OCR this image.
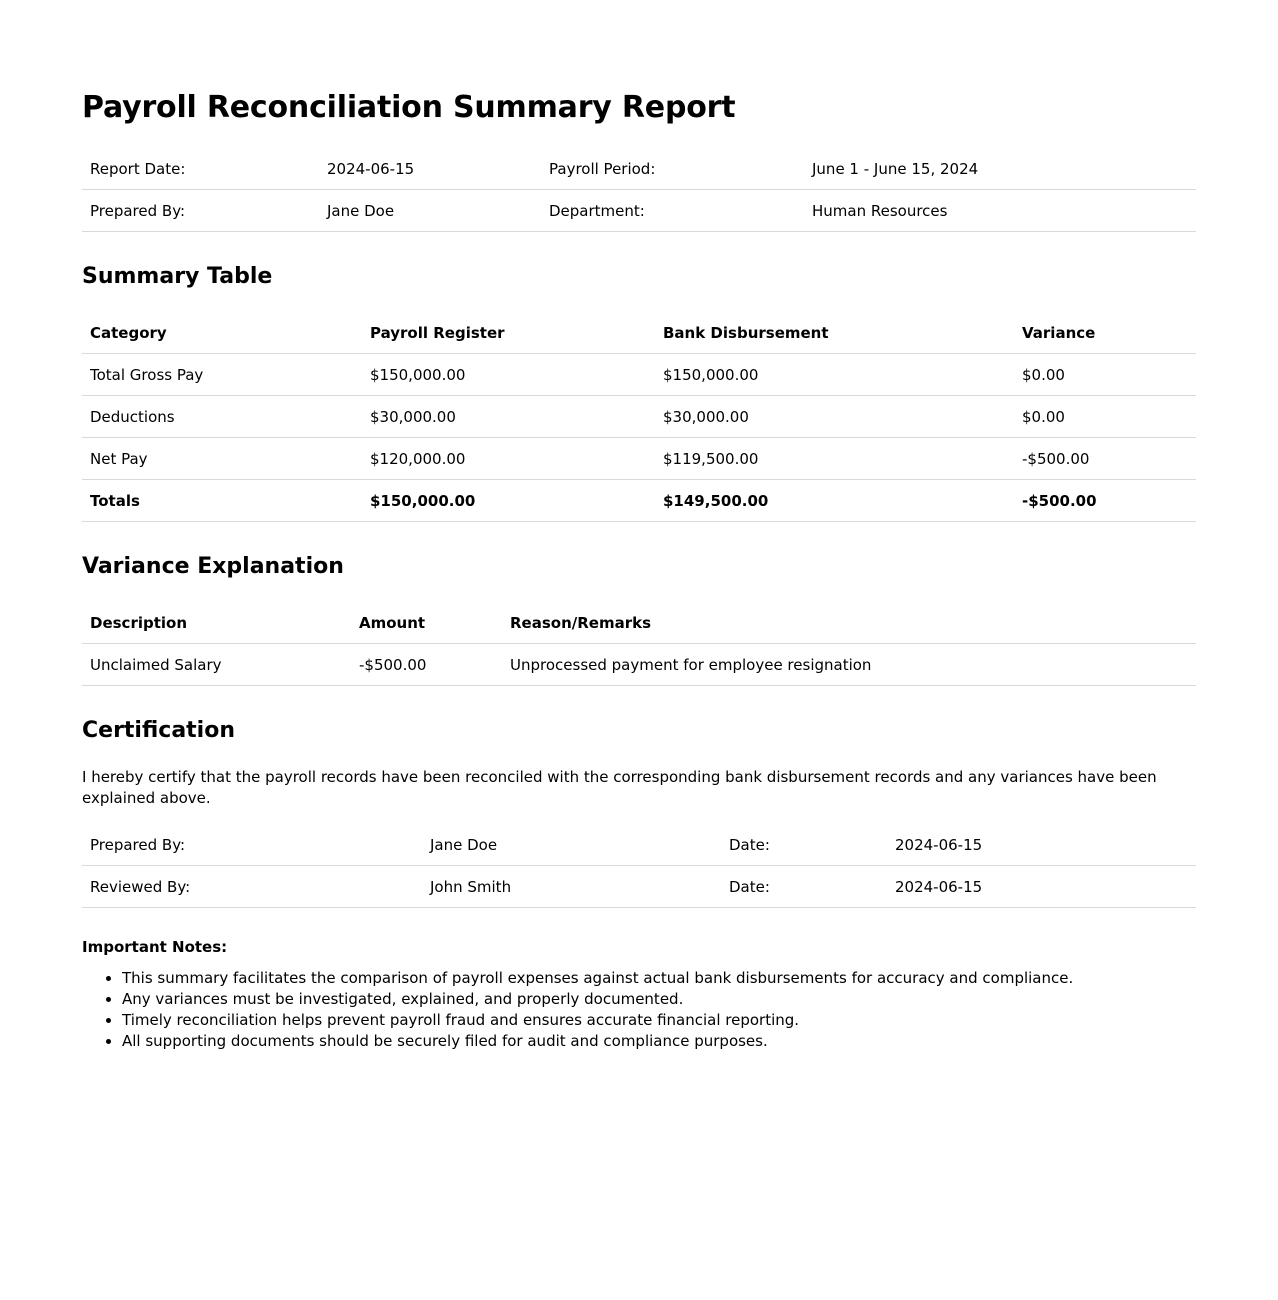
Payroll Reconciliation Summary Report
Report Date:	2024-06-15	Payroll Period:	June 1 - June 15, 2024
Prepared By:	Jane Doe	Department:	Human Resources
Summary Table
Category	Payroll Register	Bank Disbursement	Variance
Total Gross Pay	$150,000.00	$150,000.00	$0.00
Deductions	$30,000.00	$30,000.00	$0.00
Net Pay	$120,000.00	$119,500.00	-$500.00
Totals	$150,000.00	$149,500.00	-$500.00
Variance Explanation
Description	Amount	Reason/Remarks
Unclaimed Salary	-$500.00	Unprocessed payment for employee resignation
Certification

I hereby certify that the payroll records have been reconciled with the corresponding bank disbursement records and any variances have been explained above.

Prepared By:	Jane Doe	Date:	2024-06-15
Reviewed By:	John Smith	Date:	2024-06-15

Important Notes:

• This summary facilitates the comparison of payroll expenses against actual bank disbursements for accuracy and compliance.
• Any variances must be investigated, explained, and properly documented.
• Timely reconciliation helps prevent payroll fraud and ensures accurate financial reporting.
• All supporting documents should be securely filed for audit and compliance purposes.
